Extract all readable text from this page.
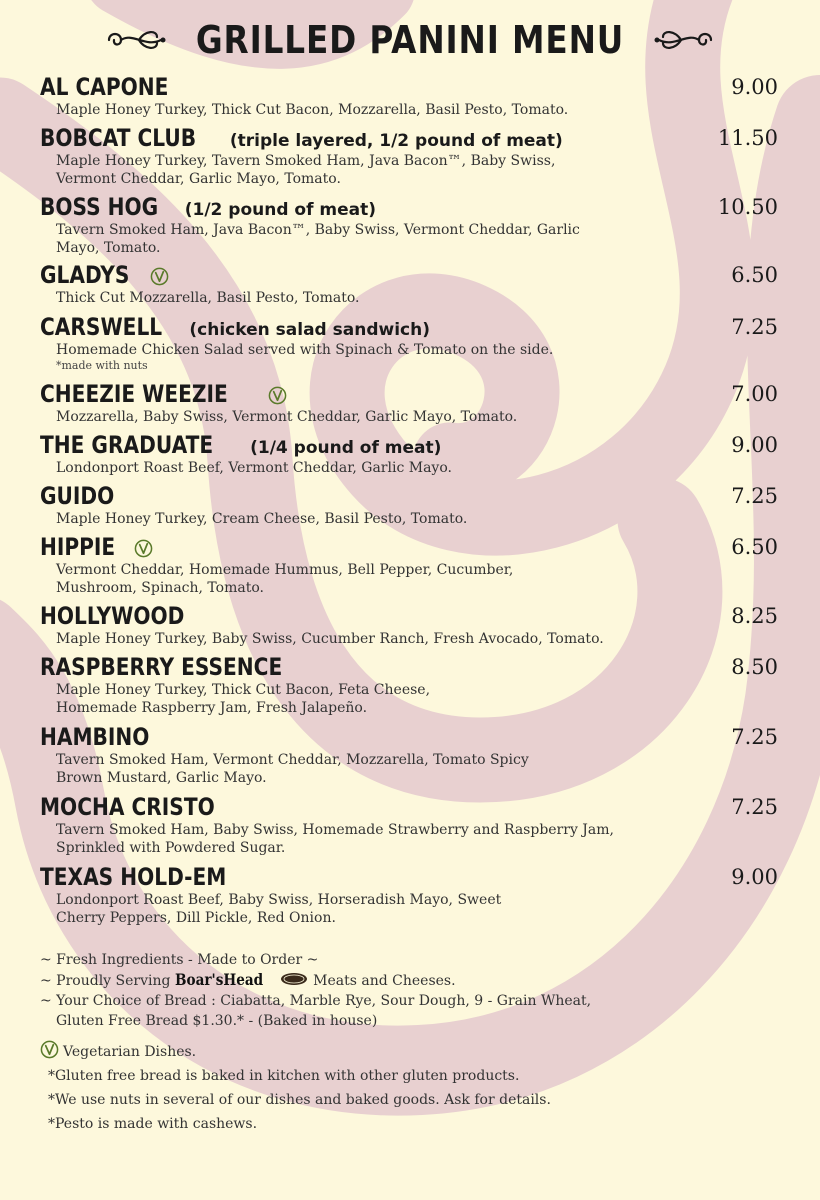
GRILLED PANINI MENU
AL CAPONE	9.00
Maple Honey Turkey, Thick Cut Bacon, Mozzarella, Basil Pesto, Tomato.
BOBCAT CLUB (triple layered, 1/2 pound of meat)	11.50
Maple Honey Turkey, Tavern Smoked Ham, Java Bacon™, Baby Swiss, Vermont Cheddar, Garlic Mayo, Tomato.
BOSS HOG (1/2 pound of meat)	10.50
Tavern Smoked Ham, Java Bacon™, Baby Swiss, Vermont Cheddar, Garlic Mayo, Tomato.
GLADYS	6.50
Thick Cut Mozzarella, Basil Pesto, Tomato.
CARSWELL (chicken salad sandwich)	7.25
Homemade Chicken Salad served with Spinach & Tomato on the side.
*made with nuts
CHEEZIE WEEZIE	7.00
Mozzarella, Baby Swiss, Vermont Cheddar, Garlic Mayo, Tomato.
THE GRADUATE (1/4 pound of meat)	9.00
Londonport Roast Beef, Vermont Cheddar, Garlic Mayo.
GUIDO	7.25
Maple Honey Turkey, Cream Cheese, Basil Pesto, Tomato.
HIPPIE	6.50
Vermont Cheddar, Homemade Hummus, Bell Pepper, Cucumber, Mushroom, Spinach, Tomato.
HOLLYWOOD	8.25
Maple Honey Turkey, Baby Swiss, Cucumber Ranch, Fresh Avocado, Tomato.
RASPBERRY ESSENCE	8.50
Maple Honey Turkey, Thick Cut Bacon, Feta Cheese, Homemade Raspberry Jam, Fresh Jalapeño.
HAMBINO	7.25
Tavern Smoked Ham, Vermont Cheddar, Mozzarella, Tomato Spicy Brown Mustard, Garlic Mayo.
MOCHA CRISTO	7.25
Tavern Smoked Ham, Baby Swiss, Homemade Strawberry and Raspberry Jam, Sprinkled with Powdered Sugar.
TEXAS HOLD-EM	9.00
Londonport Roast Beef, Baby Swiss, Horseradish Mayo, Sweet Cherry Peppers, Dill Pickle, Red Onion.
~ Fresh Ingredients - Made to Order ~
~ Proudly Serving Boar'sHead	Meats and Cheeses.
~ Your Choice of Bread : Ciabatta, Marble Rye, Sour Dough, 9 - Grain Wheat,
Gluten Free Bread $1.30.* - (Baked in house)
Vegetarian Dishes.
*Gluten free bread is baked in kitchen with other gluten products.
*We use nuts in several of our dishes and baked goods. Ask for details.
*Pesto is made with cashews.
